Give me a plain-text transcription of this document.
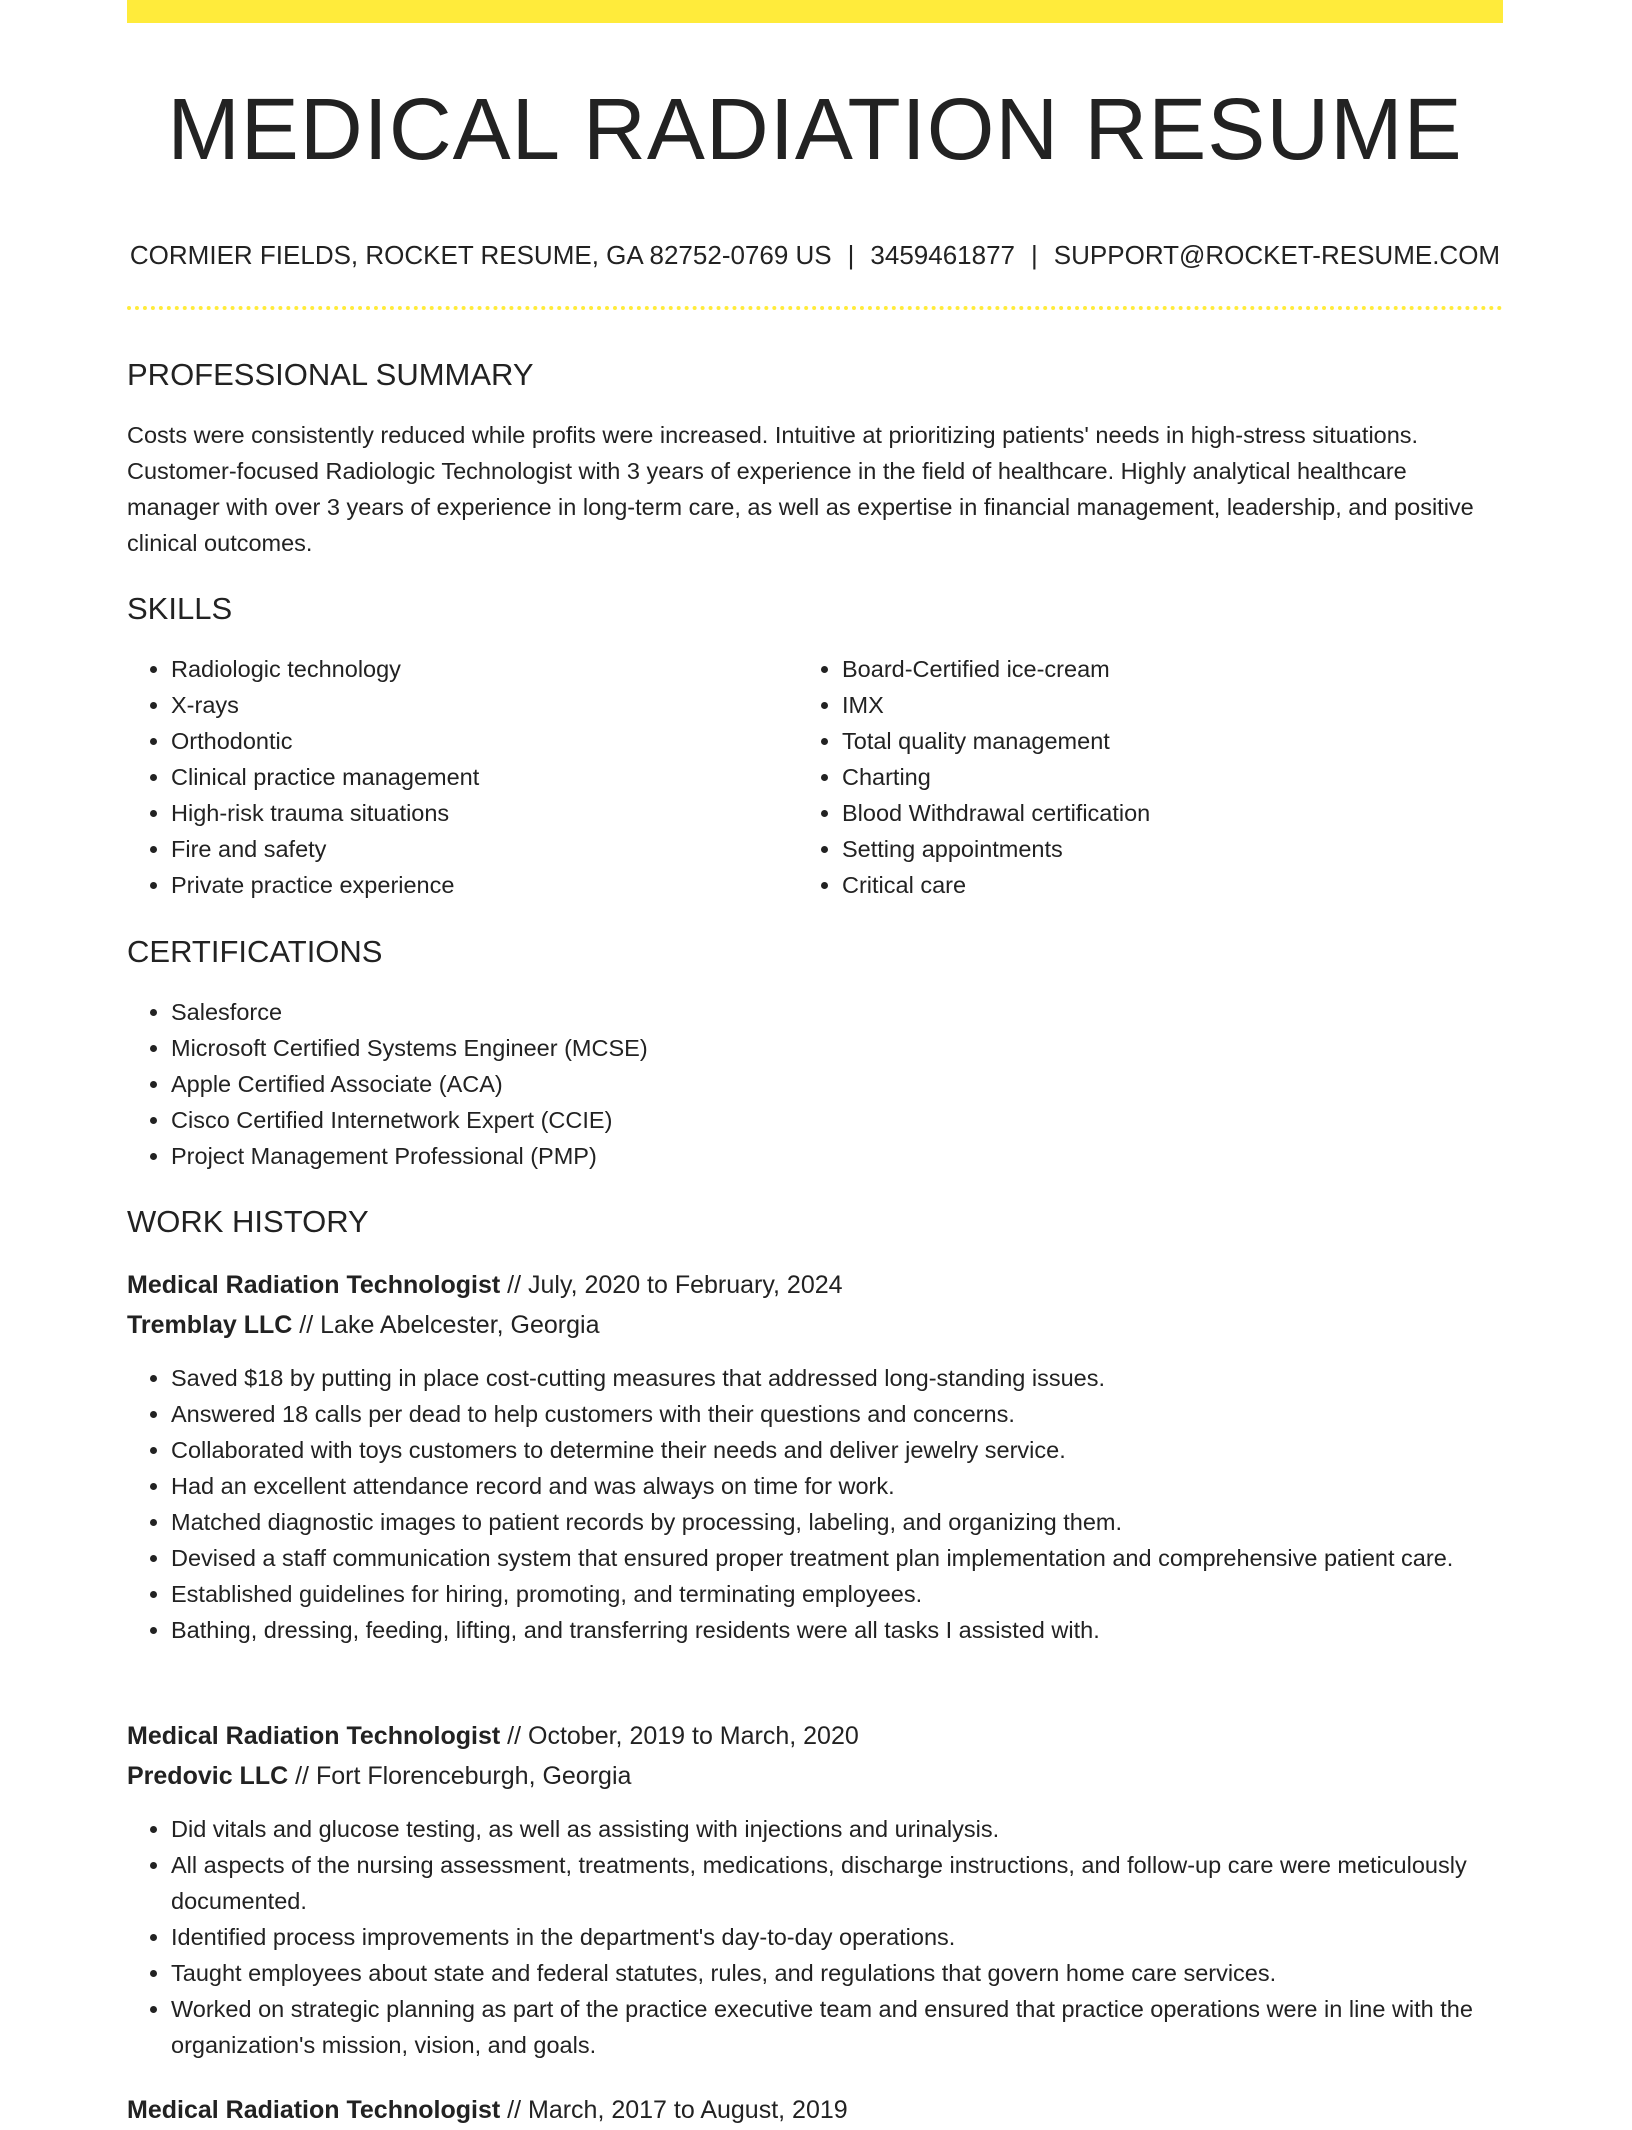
MEDICAL RADIATION RESUME
CORMIER FIELDS, ROCKET RESUME, GA 82752-0769 US | 3459461877 | SUPPORT@ROCKET-RESUME.COM
PROFESSIONAL SUMMARY
Costs were consistently reduced while profits were increased. Intuitive at prioritizing patients' needs in high-stress situations. Customer-focused Radiologic Technologist with 3 years of experience in the field of healthcare. Highly analytical healthcare manager with over 3 years of experience in long-term care, as well as expertise in financial management, leadership, and positive clinical outcomes.
SKILLS
• Radiologic technology
• X-rays
• Orthodontic
• Clinical practice management
• High-risk trauma situations
• Fire and safety
• Private practice experience
• Board-Certified ice-cream
• IMX
• Total quality management
• Charting
• Blood Withdrawal certification
• Setting appointments
• Critical care
CERTIFICATIONS
• Salesforce
• Microsoft Certified Systems Engineer (MCSE)
• Apple Certified Associate (ACA)
• Cisco Certified Internetwork Expert (CCIE)
• Project Management Professional (PMP)
WORK HISTORY
Medical Radiation Technologist // July, 2020 to February, 2024
Tremblay LLC // Lake Abelcester, Georgia
• Saved $18 by putting in place cost-cutting measures that addressed long-standing issues.
• Answered 18 calls per dead to help customers with their questions and concerns.
• Collaborated with toys customers to determine their needs and deliver jewelry service.
• Had an excellent attendance record and was always on time for work.
• Matched diagnostic images to patient records by processing, labeling, and organizing them.
• Devised a staff communication system that ensured proper treatment plan implementation and comprehensive patient care.
• Established guidelines for hiring, promoting, and terminating employees.
• Bathing, dressing, feeding, lifting, and transferring residents were all tasks I assisted with.
Medical Radiation Technologist // October, 2019 to March, 2020
Predovic LLC // Fort Florenceburgh, Georgia
• Did vitals and glucose testing, as well as assisting with injections and urinalysis.
• All aspects of the nursing assessment, treatments, medications, discharge instructions, and follow-up care were meticulously documented.
• Identified process improvements in the department's day-to-day operations.
• Taught employees about state and federal statutes, rules, and regulations that govern home care services.
• Worked on strategic planning as part of the practice executive team and ensured that practice operations were in line with the organization's mission, vision, and goals.
Medical Radiation Technologist // March, 2017 to August, 2019
